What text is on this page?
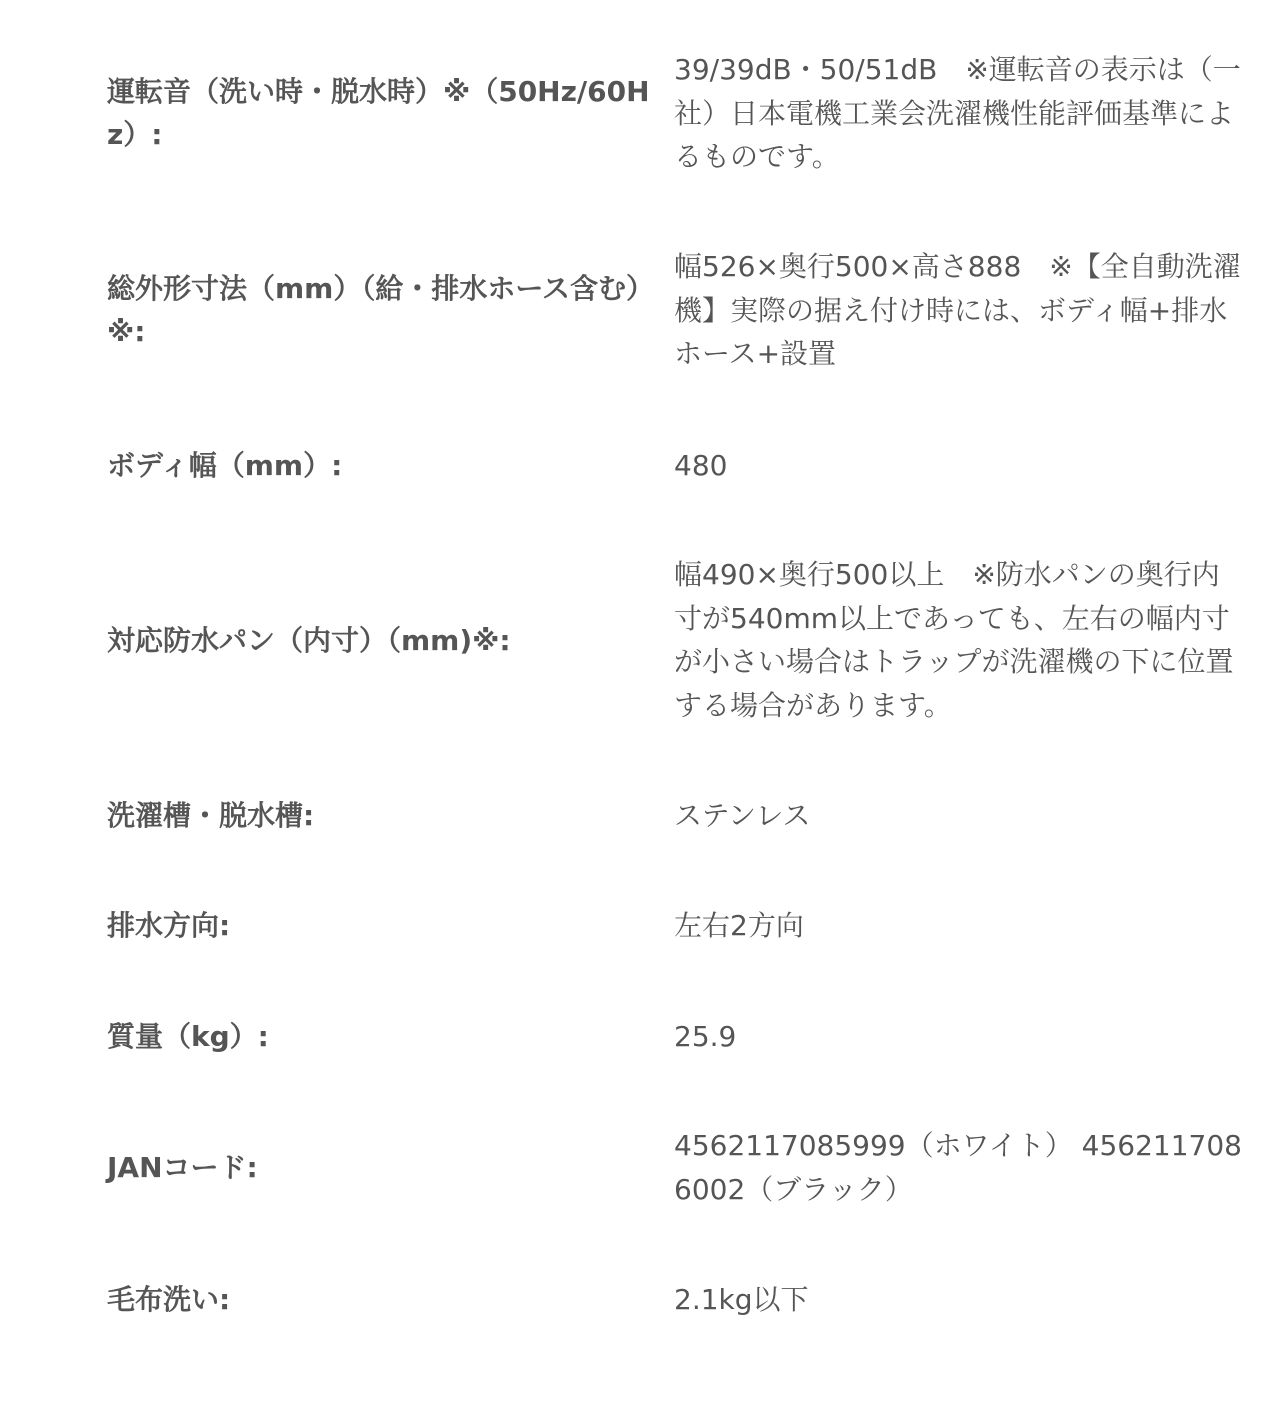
運転音（洗い時・脱水時）※（50Hz/60Hz）:
39/39dB・50/51dB　※運転音の表示は（一社）日本電機工業会洗濯機性能評価基準によるものです。
総外形寸法（mm）（給・排水ホース含む）※:
幅526×奥行500×高さ888　※【全自動洗濯機】実際の据え付け時には、ボディ幅+排水ホース+設置
ボディ幅（mm）:	480
対応防水パン（内寸）（mm)※:
幅490×奥行500以上　※防水パンの奥行内寸が540mm以上であっても、左右の幅内寸が小さい場合はトラップが洗濯機の下に位置する場合があります。
洗濯槽・脱水槽:	ステンレス
排水方向:	左右2方向
質量（kg）:	25.9
JANコード:
4562117085999（ホワイト） 4562117086002（ブラック）
毛布洗い:	2.1kg以下
